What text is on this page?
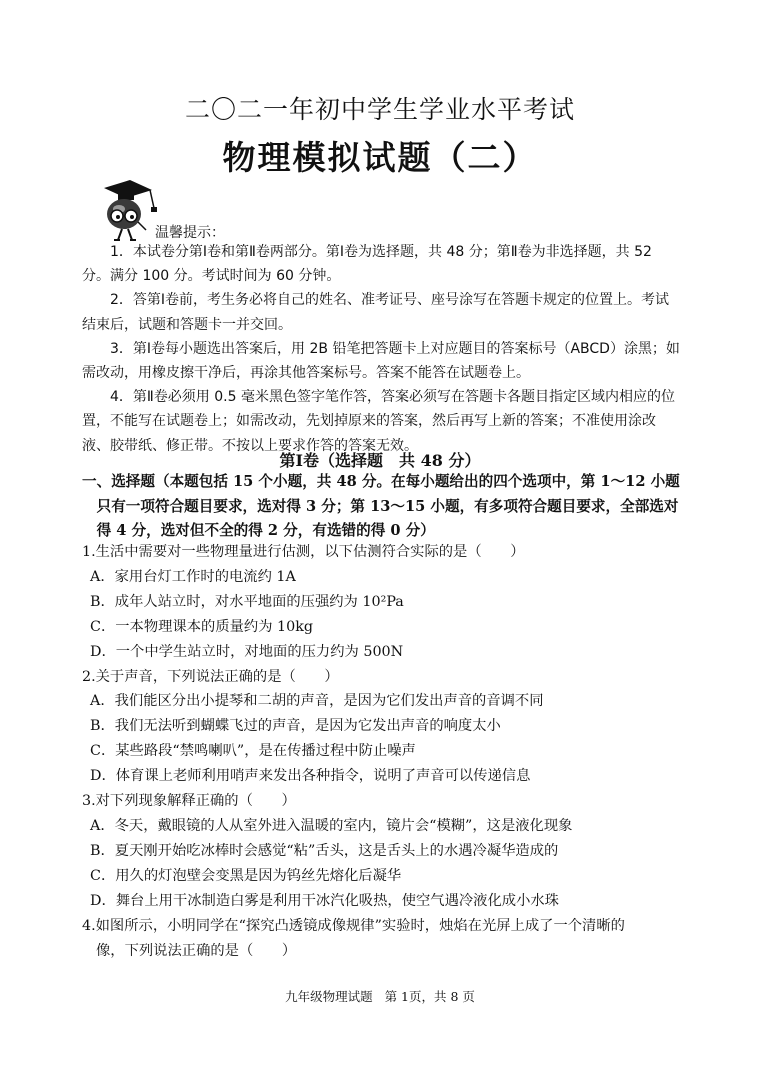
二〇二一年初中学生学业水平考试
物理模拟试题（二）
温馨提示：

1．本试卷分第Ⅰ卷和第Ⅱ卷两部分。第Ⅰ卷为选择题，共 48 分；第Ⅱ卷为非选择题，共 52 分。满分 100 分。考试时间为 60 分钟。

2．答第Ⅰ卷前，考生务必将自己的姓名、准考证号、座号涂写在答题卡规定的位置上。考试结束后，试题和答题卡一并交回。

3．第Ⅰ卷每小题选出答案后，用 2B 铅笔把答题卡上对应题目的答案标号（ABCD）涂黑；如需改动，用橡皮擦干净后，再涂其他答案标号。答案不能答在试题卷上。

4．第Ⅱ卷必须用 0.5 毫米黑色签字笔作答，答案必须写在答题卡各题目指定区域内相应的位置，不能写在试题卷上；如需改动，先划掉原来的答案，然后再写上新的答案；不准使用涂改液、胶带纸、修正带。不按以上要求作答的答案无效。

第Ⅰ卷（选择题　共 48 分）
一、选择题（本题包括 15 个小题，共 48 分。在每小题给出的四个选项中，第 1～12 小题只有一项符合题目要求，选对得 3 分；第 13～15 小题，有多项符合题目要求，全部选对得 4 分，选对但不全的得 2 分，有选错的得 0 分）

1.生活中需要对一些物理量进行估测，以下估测符合实际的是（　　）

A．家用台灯工作时的电流约 1A

B．成年人站立时，对水平地面的压强约为 10²Pa

C．一本物理课本的质量约为 10kg

D．一个中学生站立时，对地面的压力约为 500N

2.关于声音，下列说法正确的是（　　）

A．我们能区分出小提琴和二胡的声音，是因为它们发出声音的音调不同

B．我们无法听到蝴蝶飞过的声音，是因为它发出声音的响度太小

C．某些路段“禁鸣喇叭”，是在传播过程中防止噪声

D．体育课上老师利用哨声来发出各种指令，说明了声音可以传递信息

3.对下列现象解释正确的（　　）

A．冬天，戴眼镜的人从室外进入温暖的室内，镜片会“模糊”，这是液化现象

B．夏天刚开始吃冰棒时会感觉“粘”舌头，这是舌头上的水遇冷凝华造成的

C．用久的灯泡壁会变黑是因为钨丝先熔化后凝华

D．舞台上用干冰制造白雾是利用干冰汽化吸热，使空气遇冷液化成小水珠

4.如图所示，小明同学在“探究凸透镜成像规律”实验时，烛焰在光屏上成了一个清晰的

像，下列说法正确的是（　　）

九年级物理试题 第 1页，共 8 页
